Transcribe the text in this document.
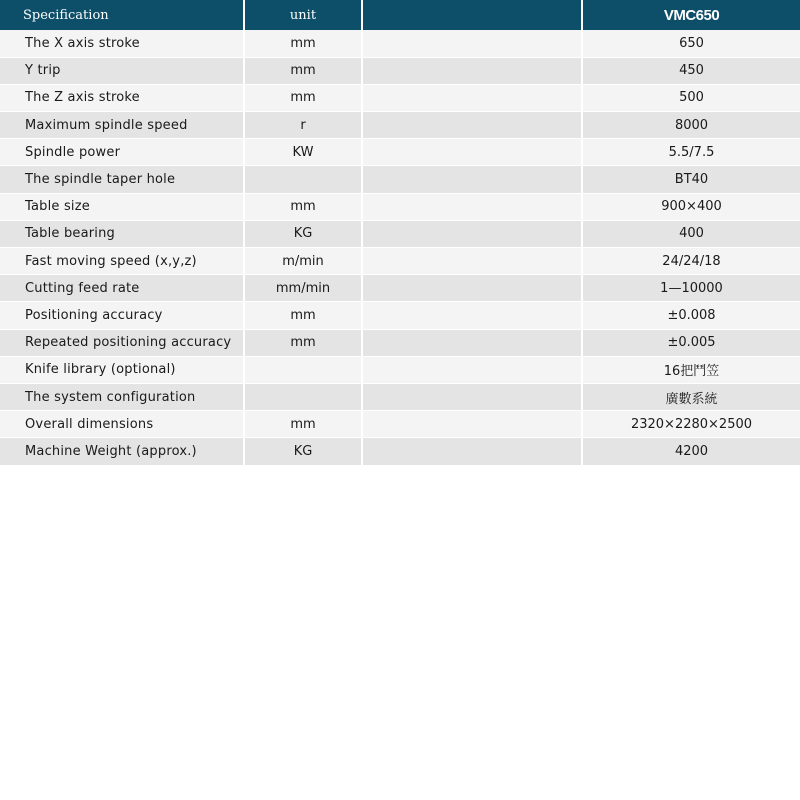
Specification	unit		VMC650
The X axis stroke	mm		650
Y trip	mm		450
The Z axis stroke	mm		500
Maximum spindle speed	r		8000
Spindle power	KW		5.5/7.5
The spindle taper hole			BT40
Table size	mm		900×400
Table bearing	KG		400
Fast moving speed (x,y,z)	m/min		24/24/18
Cutting feed rate	mm/min		1—10000
Positioning accuracy	mm		±0.008
Repeated positioning accuracy	mm		±0.005
Knife library (optional)			16把鬥笠
The system configuration			廣數系統
Overall dimensions	mm		2320×2280×2500
Machine Weight (approx.)	KG		4200
